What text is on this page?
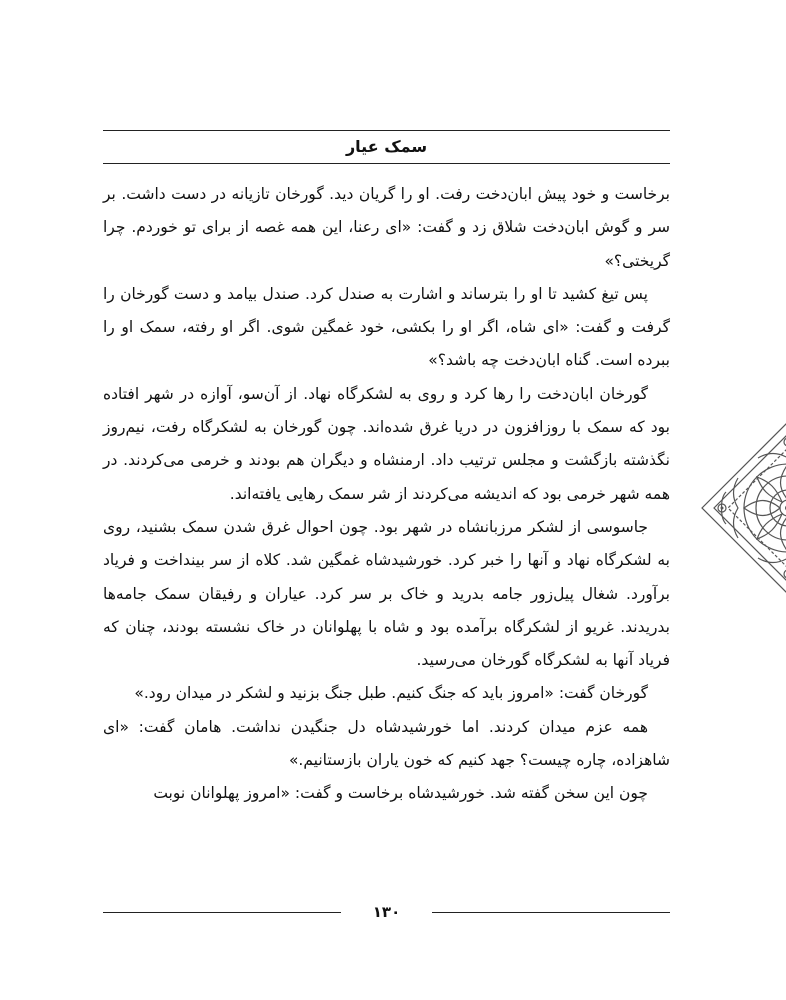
سمک عیار

برخاست و خود پیش ابان‌دخت رفت. او را گریان دید. گورخان تازیانه در دست داشت. بر سر و گوش ابان‌دخت شلاق زد و گفت: «ای رعنا، این همه غصه از برای تو خوردم. چرا گریختی؟»

پس تیغ کشید تا او را بترساند و اشارت به صندل کرد. صندل بیامد و دست گورخان را گرفت و گفت: «ای شاه، اگر او را بکشی، خود غمگین شوی. اگر او رفته، سمک او را ببرده است. گناه ابان‌دخت چه باشد؟»

گورخان ابان‌دخت را رها کرد و روی به لشکرگاه نهاد. از آن‌سو، آوازه در شهر افتاده بود که سمک با روزافزون در دریا غرق شده‌اند. چون گورخان به لشکرگاه رفت، نیم‌روز نگذشته بازگشت و مجلس ترتیب داد. ارمنشاه و دیگران هم بودند و خرمی می‌کردند. در همه شهر خرمی بود که اندیشه می‌کردند از شر سمک رهایی یافته‌اند.

جاسوسی از لشکر مرزبانشاه در شهر بود. چون احوال غرق شدن سمک بشنید، روی به لشکرگاه نهاد و آنها را خبر کرد. خورشیدشاه غمگین شد. کلاه از سر بینداخت و فریاد برآورد. شغال پیل‌زور جامه بدرید و خاک بر سر کرد. عیاران و رفیقان سمک جامه‌ها بدریدند. غریو از لشکرگاه برآمده بود و شاه با پهلوانان در خاک نشسته بودند، چنان که فریاد آنها به لشکرگاه گورخان می‌رسید.

گورخان گفت: «امروز باید که جنگ کنیم. طبل جنگ بزنید و لشکر در میدان رود.»

همه عزم میدان کردند. اما خورشیدشاه دل جنگیدن نداشت. هامان گفت: «ای شاهزاده، چاره چیست؟ جهد کنیم که خون یاران بازستانیم.»

چون این سخن گفته شد. خورشیدشاه برخاست و گفت: «امروز پهلوانان نوبت

۱۳۰
